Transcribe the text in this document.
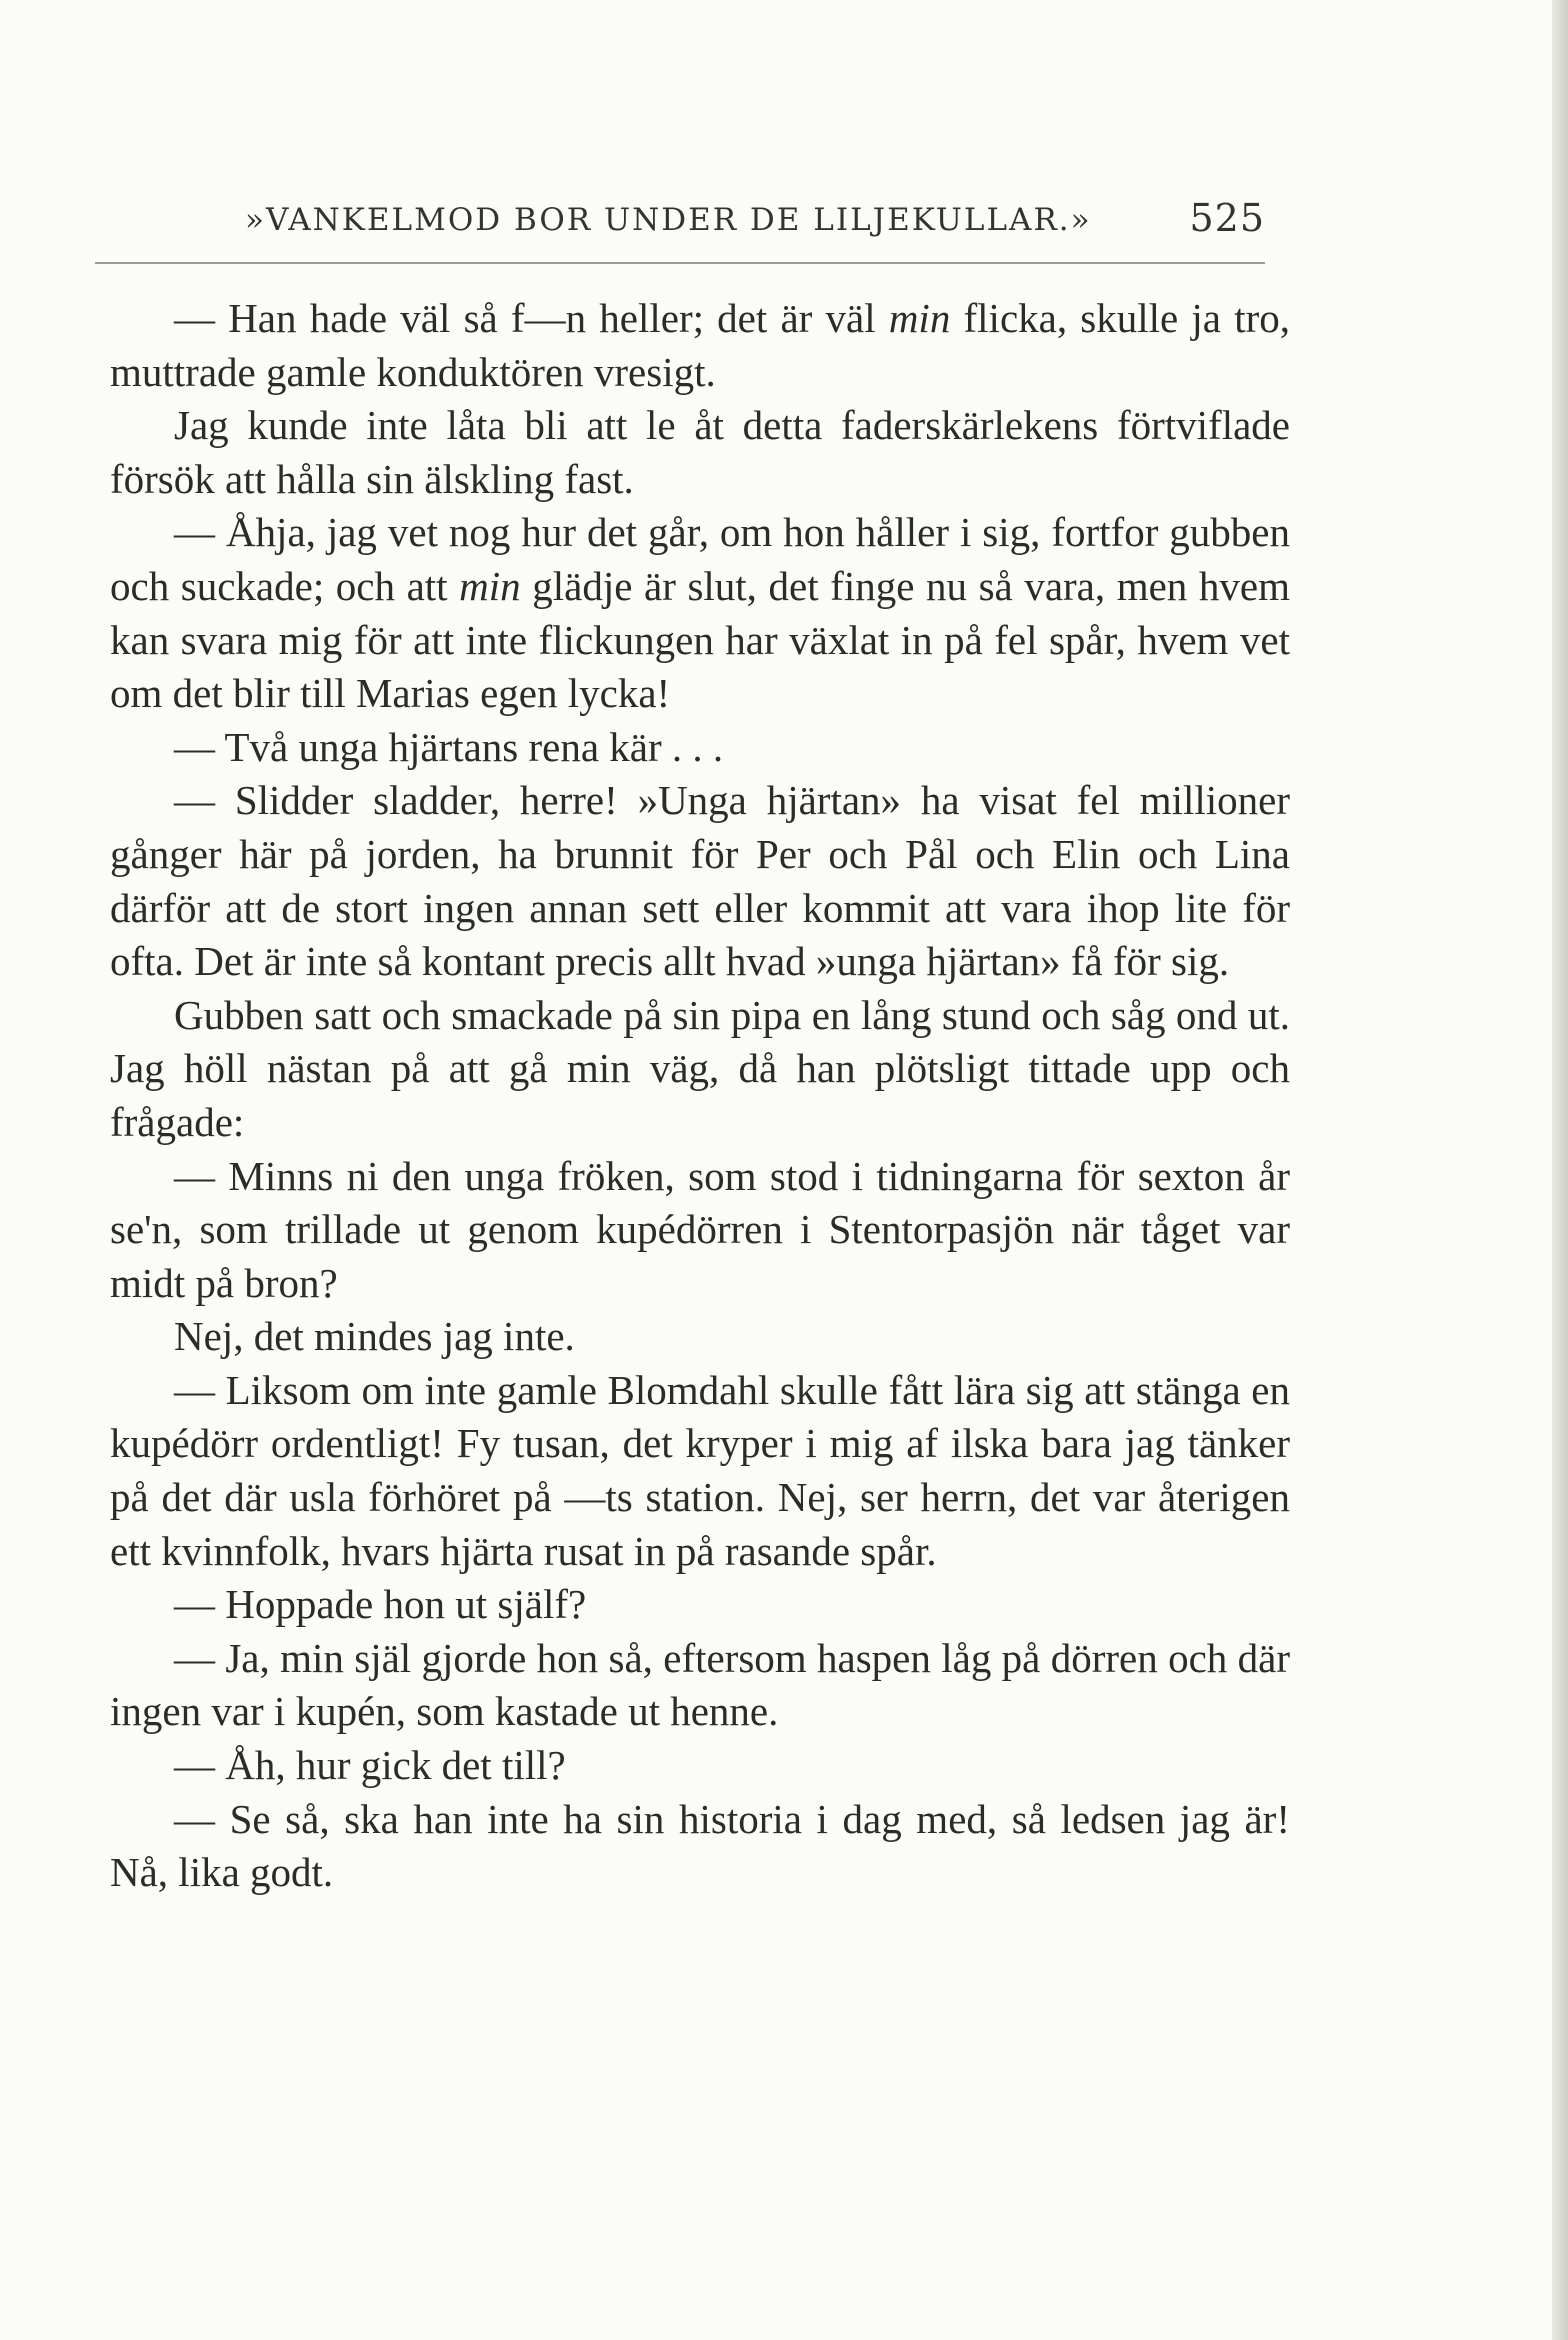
»VANKELMOD BOR UNDER DE LILJEKULLAR.»	525

— Han hade väl så f—n heller; det är väl min flicka, skulle ja tro, muttrade gamle konduktören vresigt.

Jag kunde inte låta bli att le åt detta faderskärlekens förtviflade försök att hålla sin älskling fast.

— Åhja, jag vet nog hur det går, om hon håller i sig, fortfor gubben och suckade; och att min glädje är slut, det finge nu så vara, men hvem kan svara mig för att inte flickungen har växlat in på fel spår, hvem vet om det blir till Marias egen lycka!

— Två unga hjärtans rena kär . . .

— Slidder sladder, herre! »Unga hjärtan» ha visat fel millioner gånger här på jorden, ha brunnit för Per och Pål och Elin och Lina därför att de stort ingen annan sett eller kommit att vara ihop lite för ofta. Det är inte så kontant precis allt hvad »unga hjärtan» få för sig.

Gubben satt och smackade på sin pipa en lång stund och såg ond ut. Jag höll nästan på att gå min väg, då han plötsligt tittade upp och frågade:

— Minns ni den unga fröken, som stod i tidningarna för sexton år se'n, som trillade ut genom kupédörren i Stentorpasjön när tåget var midt på bron?

Nej, det mindes jag inte.

— Liksom om inte gamle Blomdahl skulle fått lära sig att stänga en kupédörr ordentligt! Fy tusan, det kryper i mig af ilska bara jag tänker på det där usla förhöret på —ts station. Nej, ser herrn, det var återigen ett kvinnfolk, hvars hjärta rusat in på rasande spår.

— Hoppade hon ut själf?

— Ja, min själ gjorde hon så, eftersom haspen låg på dörren och där ingen var i kupén, som kastade ut henne.

— Åh, hur gick det till?

— Se så, ska han inte ha sin historia i dag med, så ledsen jag är! Nå, lika godt.
